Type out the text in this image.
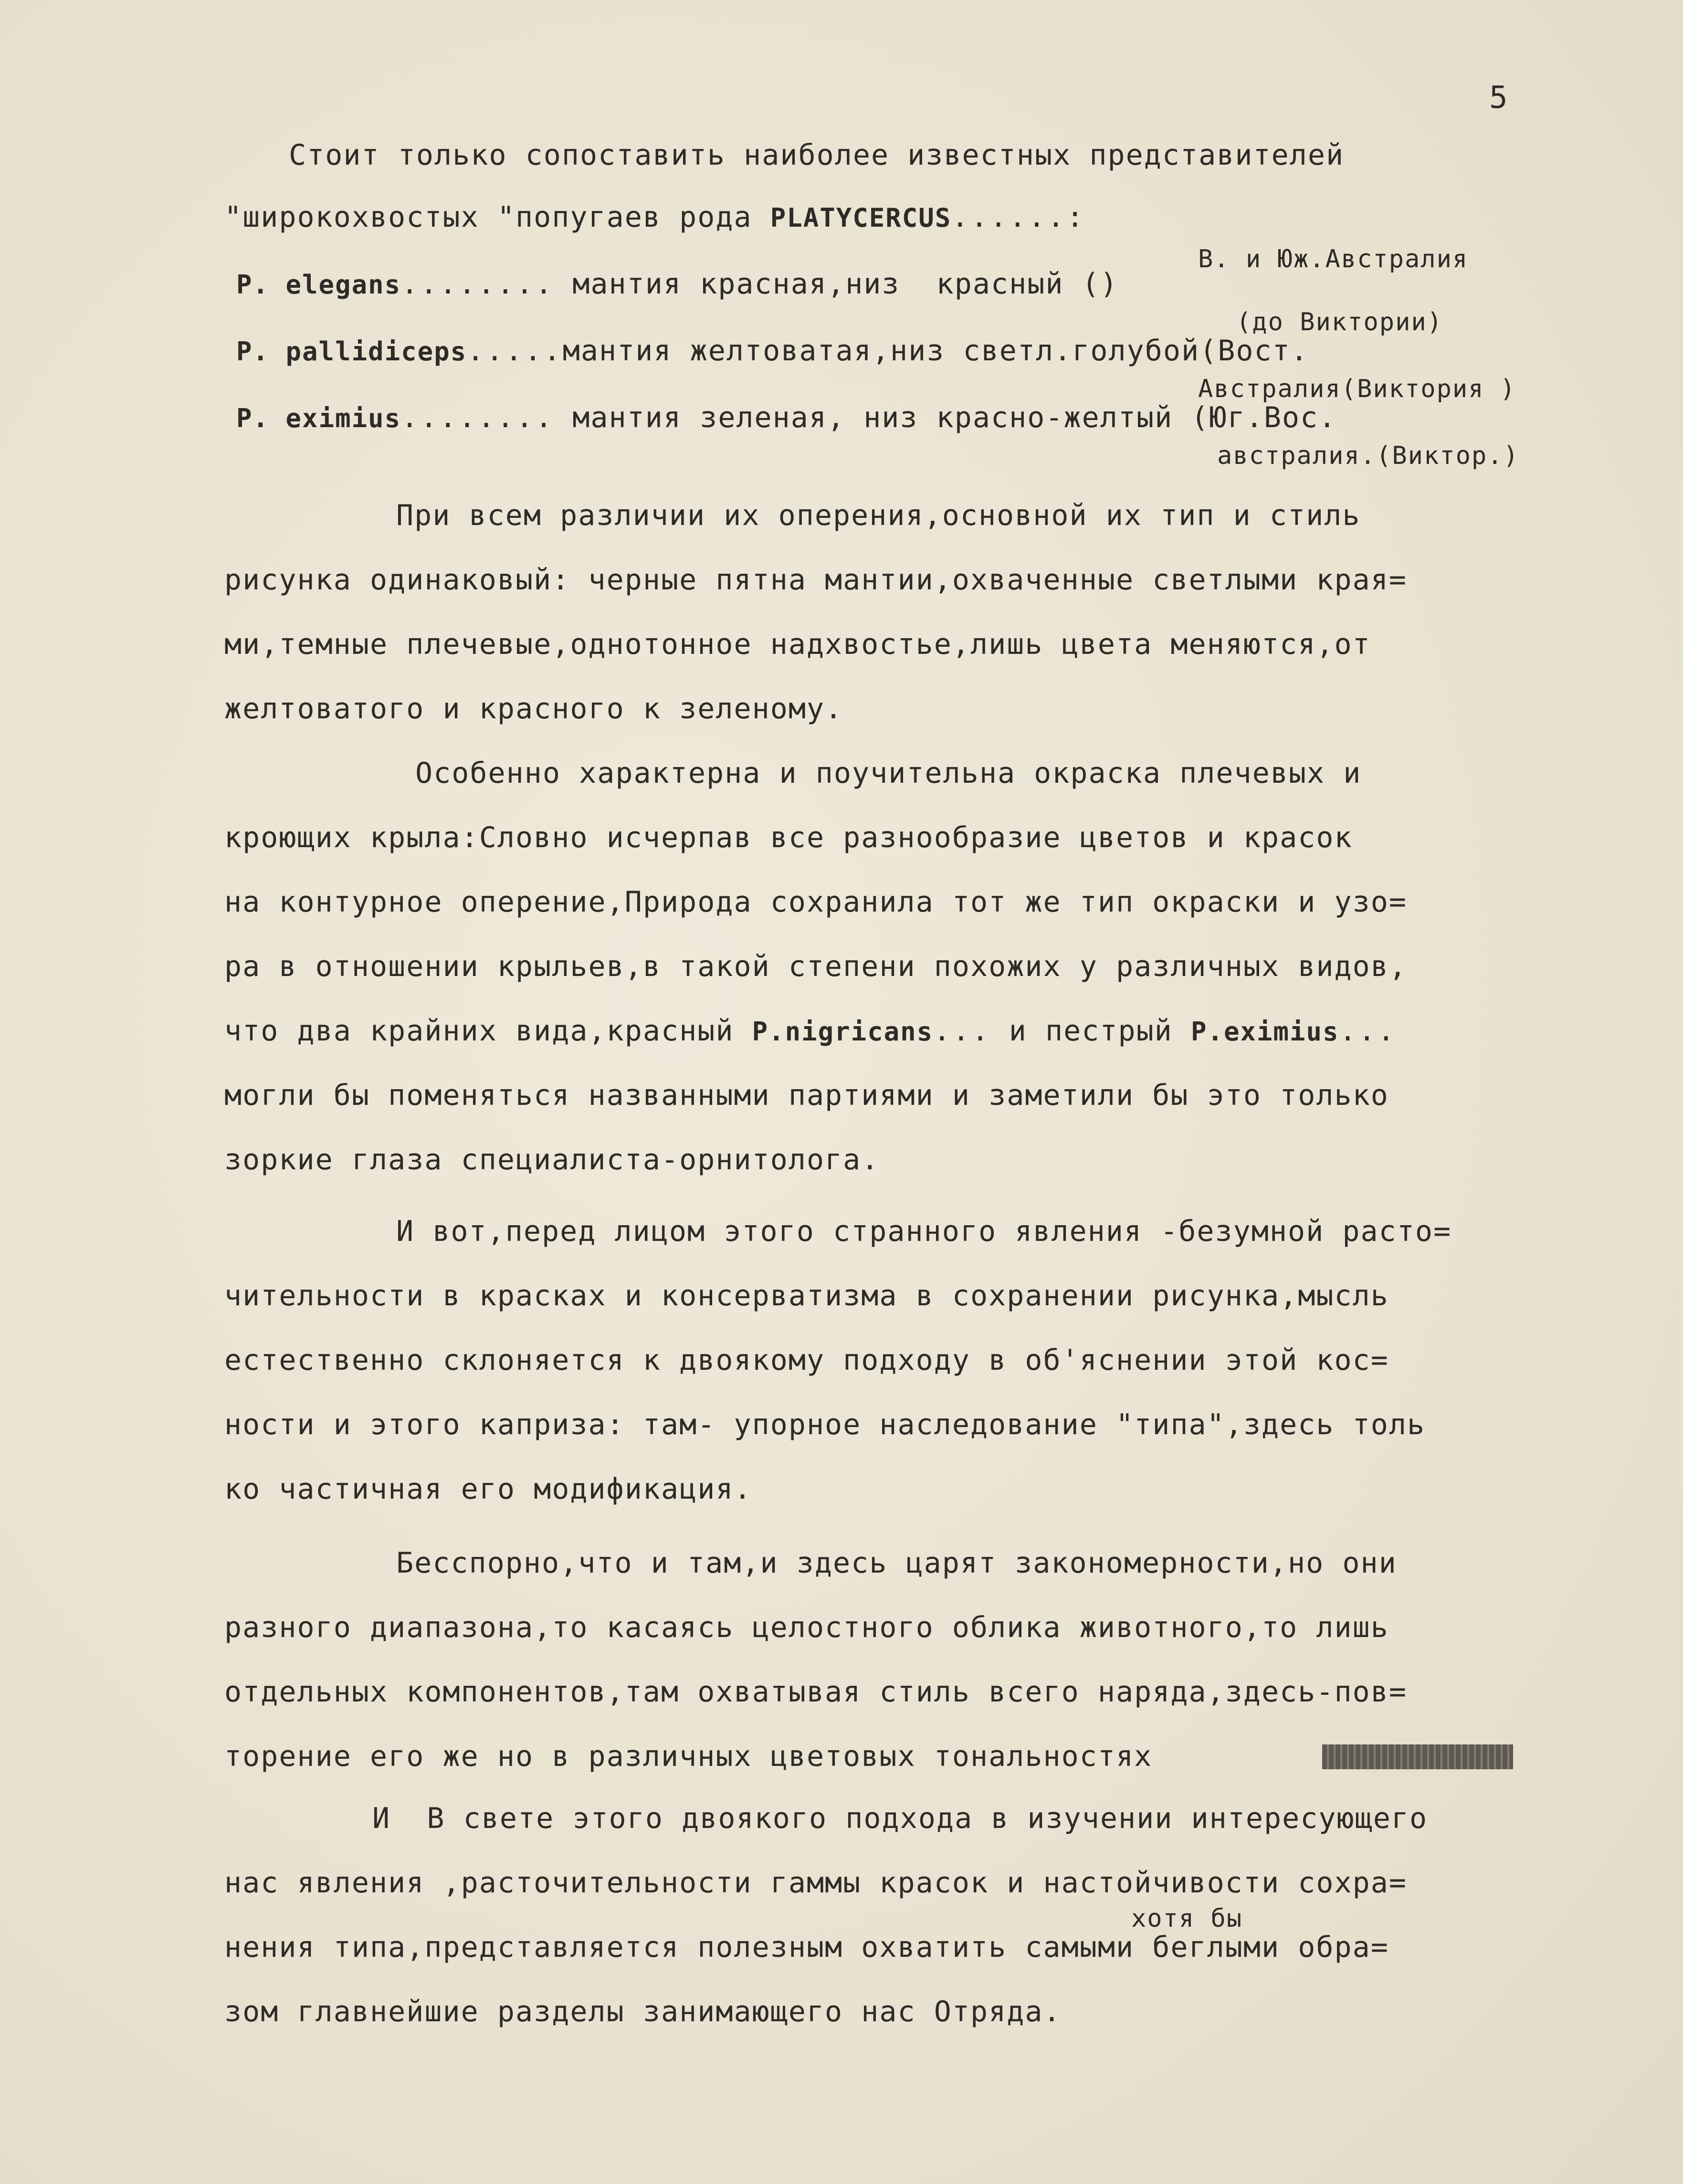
5
Стоит только сопоставить наиболее известных представителей
"широкохвостых "попугаев рода PLATYCERCUS......:
В. и Юж.Австралия
P. elegans........ мантия красная,низ  красный ()
(до Виктории)
P. pallidiceps.....мантия желтоватая,низ светл.голубой(Вост.
Австралия(Виктория )
P. eximius........ мантия зеленая, низ красно-желтый (Юг.Вос.
австралия.(Виктор.)
При всем различии их оперения,основной их тип и стиль
рисунка одинаковый: черные пятна мантии,охваченные светлыми края=
ми,темные плечевые,однотонное надхвостье,лишь цвета меняются,от
желтоватого и красного к зеленому.
Особенно характерна и поучительна окраска плечевых и
кроющих крыла:Словно исчерпав все разнообразие цветов и красок
на контурное оперение,Природа сохранила тот же тип окраски и узо=
ра в отношении крыльев,в такой степени похожих у различных видов,
что два крайних вида,красный P.nigricans... и пестрый P.eximius...
могли бы поменяться названными партиями и заметили бы это только
зоркие глаза специалиста-орнитолога.
И вот,перед лицом этого странного явления -безумной расто=
чительности в красках и консерватизма в сохранении рисунка,мысль
естественно склоняется к двоякому подходу в об'яснении этой кос=
ности и этого каприза: там- упорное наследование "типа",здесь толь
ко частичная его модификация.
Бесспорно,что и там,и здесь царят закономерности,но они
разного диапазона,то касаясь целостного облика животного,то лишь
отдельных компонентов,там охватывая стиль всего наряда,здесь-пов=
торение его же но в различных цветовых тональностях
И  В свете этого двоякого подхода в изучении интересующего
нас явления ,расточительности гаммы красок и настойчивости сохра=
хотя бы
нения типа,представляется полезным охватить самыми беглыми обра=
зом главнейшие разделы занимающего нас Отряда.
